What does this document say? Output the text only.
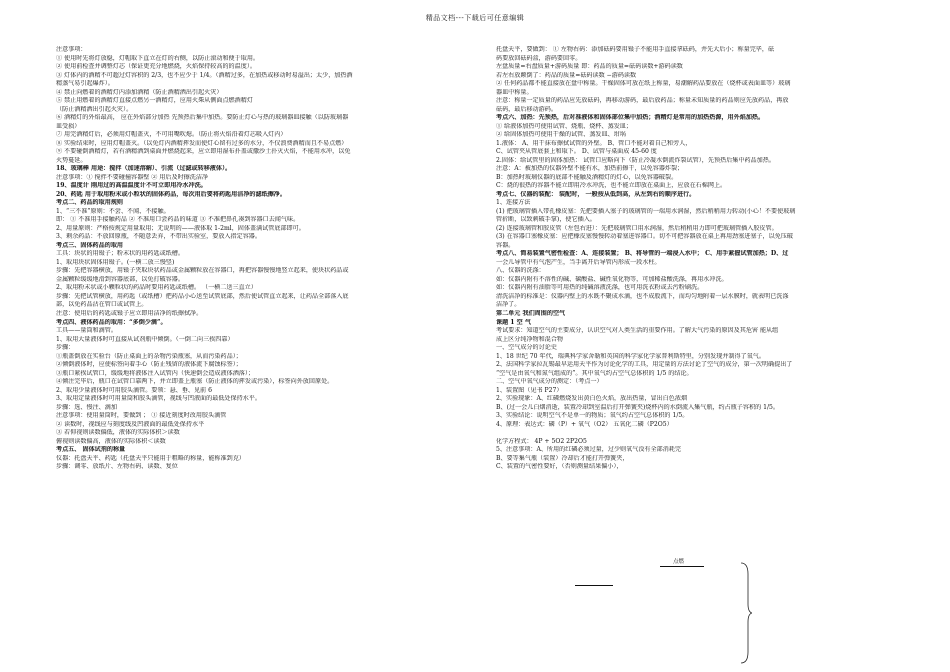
精品文档---下载后可任意编辑
注意事项：
① 使用时先将灯放稳，灯帽取下直立在灯的右侧，以防止滚动和便于取用。
② 使用前检查并调整灯芯（保证更充分地燃烧，火焰保持较高的的温度）。
③ 灯体内的酒精不可超过灯容积的 2/3，也不应少于 1/4。（酒精过多，在加热或移动时易溢出；太少，加热酒
精蒸气易引起爆炸）。
④ 禁止向燃着的酒精灯内添加酒精（防止酒精洒出引起火灾）
⑤ 禁止用燃着的酒精灯直接点燃另一酒精灯，应用火柴从侧面点燃酒精灯
（防止酒精洒出引起火灾）。
⑥ 酒精灯的外焰最高， 应在外焰部分加热 先预热后集中加热。要防止灯心与热的玻璃器皿接触（以防玻璃器
皿受损）
⑦ 用完酒精灯后，必须用灯帽盖灭，不可用嘴吹熄。（防止将火焰沿着灯芯吸入灯内）
⑧ 实验结束时，应用灯帽盖灭。（以免灯内酒精挥发而使灯心留有过多的水分，不仅浪费酒精而且不易点燃）
⑨ 不要碰倒酒精灯，若有酒精洒到桌面并燃烧起来，应立即用湿布扑盖或撒沙土扑灭火焰，不能用水冲，以免
火势蔓延。
18、玻璃棒 用途：搅拌（加速溶解）、引流（过滤或转移液体）。
注意事项：① 搅拌不要碰撞容器壁 ② 用后及时擦洗洁净
19、温度计 刚用过的高温温度计不可立即用冷水冲洗。
20、药匙 用于取用粉末或小粒状的固体药品，每次用后要将药匙用洁净的滤纸擦净。
考点二、药品的取用规则
1、“三不准”原则：不尝、不闻、不接触。
即： ① 不准用手接触药品 ② 不准用口尝药品的味道 ③ 不准把鼻孔凑到容器口去闻气味。
2、用量原则：严格按规定用量取用；无说明的——液体取 1-2ml，固体盖满试管底部即可。
3、剩余药品：不放回原瓶，不随意丢弃，不带出实验室，要放入指定容器。
考点三、固体药品的取用
工具：块状的用镊子；粉末状的用药匙或纸槽。
1、取用块状固体用镊子。(一横二放三慢竖)
步骤：先把容器横放，用镊子夹取块状药品或金属颗粒放在容器口，再把容器慢慢地竖立起来，使块状药品或
金属颗粒缓缓地滑到容器底部，以免打破容器。
2、取用粉末状或小颗粒状的药品时要用药匙或纸槽。 （一横二送三直立）
步骤：先把试管横放，用药匙（或纸槽）把药品小心送至试管底部，然后使试管直立起来，让药品全部落入底
部，以免药品沾在管口或试管上。
注意：使用后的药匙或镊子应立即用洁净的纸擦拭净。
考点四、液体药品的取用：“多倒少滴”。
工具——量筒和滴管。
1、取用大量液体时可直接从试剂瓶中倾倒。（一倒二向三挨四靠）
步骤：
①瓶盖倒放在实验台（防止桌面上的杂物污染瓶塞，从而污染药品）；
②倾倒液体时，应使标签向着手心（防止残留的液体流下腐蚀标签）；
③瓶口紧挨试管口，缓缓地将液体注入试管内（快速倒会造成液体洒落）；
④倾注完毕后，瓶口在试管口靠两下，并立即盖上瓶塞（防止液体的挥发或污染），标签向外放回原处。
2、取用少量液体时可用胶头滴管。要领：悬、垂、见前 6
3、取用定量液体时可用量筒和胶头滴管，视线与凹液面的最低处保持水平。
步骤：选、慢注、滴加
注意事项：使用量筒时，要做到 ； ① 接近刻度时改用胶头滴管
② 读数时，视线应与刻度线及凹液面的最低处保持水平
③ 若仰视则读数偏低，液体的实际体积＞读数
俯视则读数偏高，液体的实际体积＜读数
考点五、 固体试剂的称量
仪器：托盘天平、药匙（托盘天平只能用于粗略的称量，能称准到克）
步骤：调零、放纸片、左物右码、读数、复位
托盘天平，要做到： ① 左物右码：添加砝码要用镊子不能用手直接拿砝码，并先大后小；称量完毕，砝
码要放回砝码盒，游码要回零。
左盘质量=右盘质量+游码质量 即：药品的质量=砝码读数+游码读数
若左右放颠倒了：药品的质量=砝码读数 −游码读数
② 任何药品都不能直接放在盘中称量。干燥固体可放在纸上称量，易潮解药品要放在（烧杯或表面皿等）玻璃
器皿中称量。
注意：称量一定质量的药品应先放砝码，再移动游码，最后放药品；称量未知质量的药品则应先放药品，再放
砝码，最后移动游码。
考点六、加热：先预热，后对准液体和固体部位集中加热；酒精灯是常用的加热热源，用外焰加热。
① 给液体加热可使用试管、烧瓶、烧杯、蒸发皿；
② 给固体加热可使用干燥的试管、蒸发皿、坩埚
1.液体： A、用干抹布擦拭试管的外壁。 B、管口不能对着自己和旁人，
C、试管夹从管底套上和取下。 D、试管与桌面成 45-60 度
2.固体：给试管里的固体加热： 试管口应略向下（防止冷凝水倒流炸裂试管），先预热后集中药品加热。
注意：A：被加热的仪器外壁不能有水，加热前擦干，以免容器炸裂；
B：加热时玻璃仪器的底部不能触及酒精灯的灯心，以免容器破裂。
C：烧的很热的容器不能立即用冷水冲洗，也不能立即放在桌面上，应放在石棉网上。
考点七、仪器的装配： 装配时， 一般按从低到高，从左到右的顺序进行。
1、连接方法
(1) 把玻璃管插入带孔橡皮塞：先把要插入塞子的玻璃管的一端用水润湿，然后稍稍用力转动(小心！不要使玻璃
管折断，以致刺破手掌)，使它插入。
(2) 连接玻璃管和胶皮管（左包右进）：先把玻璃管口用水润湿，然后稍稍用力即可把玻璃管插入胶皮管。
(3) 在容器口塞橡皮塞：应把橡皮塞慢慢转动着塞进容器口。切不可把容器放在桌上再用劲塞进塞子，以免压破
容器。
考点八、简易装置气密性检查：A、连接装置； B、将导管的一端浸入水中； C、用手紧握试管加热；D、过
一会儿导管中有气泡产生，当手离开后导管内形成一段水柱。
八、仪器的洗涤：
如：仪器内附有不溶性的碱、碳酸盐、碱性氧化物等，可加稀盐酸洗涤，再用水冲洗。
如：仪器内附有油脂等可用热的纯碱溶液洗涤，也可用洗衣粉或去污粉刷洗。
清洗洁净的标准是：仪器内壁上的水既不聚成水滴，也不成股流下，而均匀地附着一层水膜时，就表明已洗涤
洁净了。
第二单元 我们周围的空气
课题 1 空 气
考试要求：知道空气的主要成分，认识空气对人类生活的重要作用。了解大气污染的原因及其危害 能从组
成上区分纯净物和混合物
一、空气成分的讨论史
1、18 世纪 70 年代，瑞典科学家舍勒和英国的科学家化学家普利斯特里，分别发现并制得了氧气。
2、法国科学家拉瓦锡最早运用天平作为讨论化学的工具，用定量的方法讨论了空气的成分，第一次明确提出了
“空气是由氧气和氮气组成的”。其中氧气约占空气总体积的 1/5 的结论。
二、空气中氧气成分的测定：（考点一）
1、装置图（见书 P27）
2、实验现象：A、红磷燃烧发出黄白色火焰，放出热量，冒出白色浓烟
B、(过一会儿白烟消逝，装置冷却到室温后打开弹簧夹)烧杯内的水倒流入集气瓶，约占瓶子容积的 1/5。
3、实验结论：说明空气不是单一的物质；氧气约占空气总体积的 1/5。
4、原理：表达式：磷（P）+ 氧气（O2） 五氧化二磷（P2O5）
化学方程式： 4P + 5O2 2P2O5
5、注意事项：A、所用的红磷必须过量，过少则氧气没有全部消耗完
B、要等集气瓶（装置）冷却后才能打开弹簧夹，
C、装置的气密性要好，（否则测量结果偏小），
点燃
